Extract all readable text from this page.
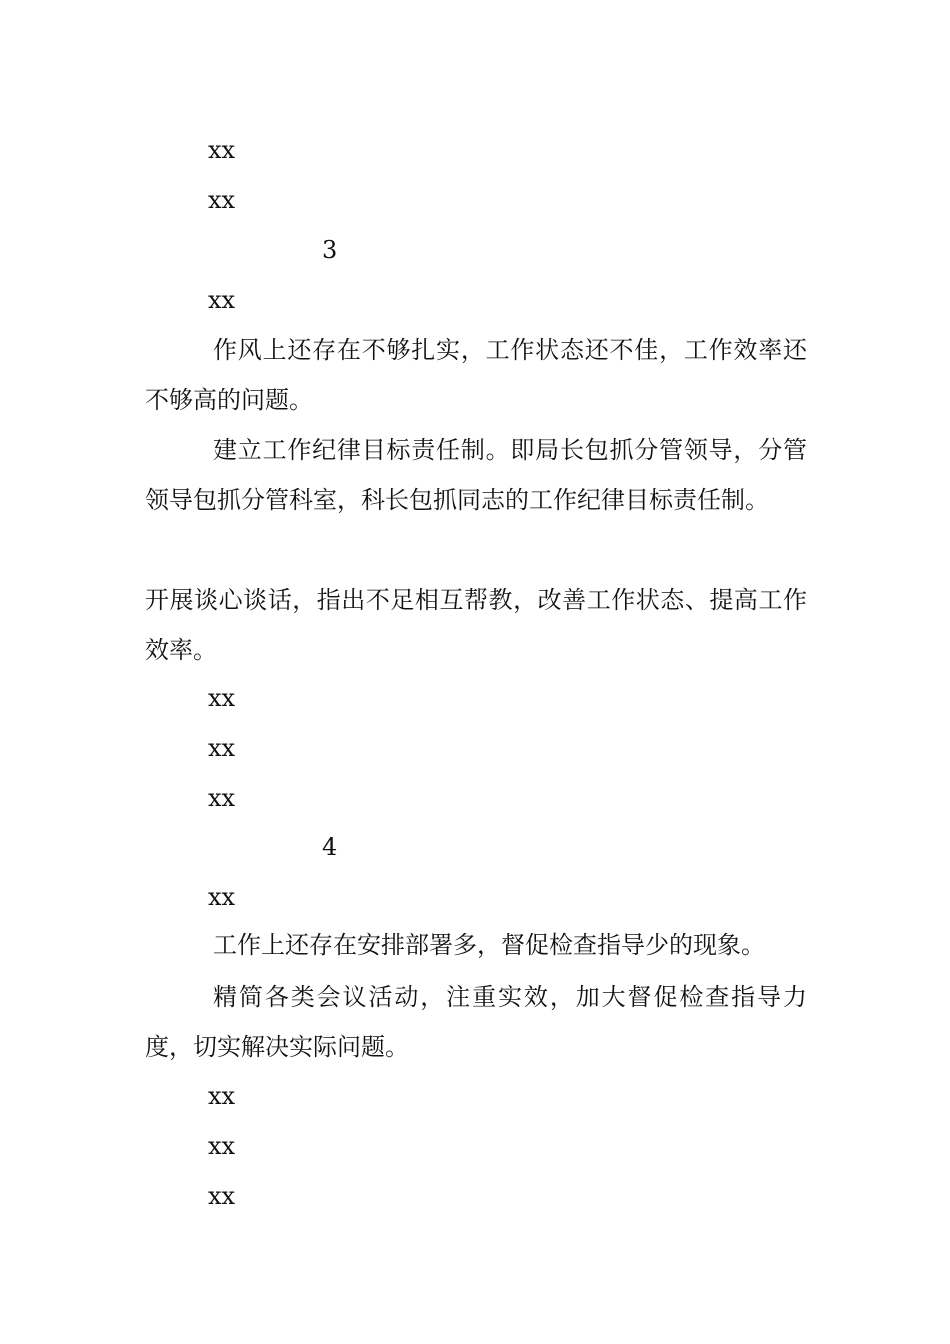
xx

xx

3

xx

作风上还存在不够扎实，工作状态还不佳，工作效率还不够高的问题。

建立工作纪律目标责任制。即局长包抓分管领导，分管领导包抓分管科室，科长包抓同志的工作纪律目标责任制。

开展谈心谈话，指出不足相互帮教，改善工作状态、提高工作效率。

xx

xx

xx

4

xx

工作上还存在安排部署多，督促检查指导少的现象。

精简各类会议活动，注重实效，加大督促检查指导力度，切实解决实际问题。

xx

xx

xx
